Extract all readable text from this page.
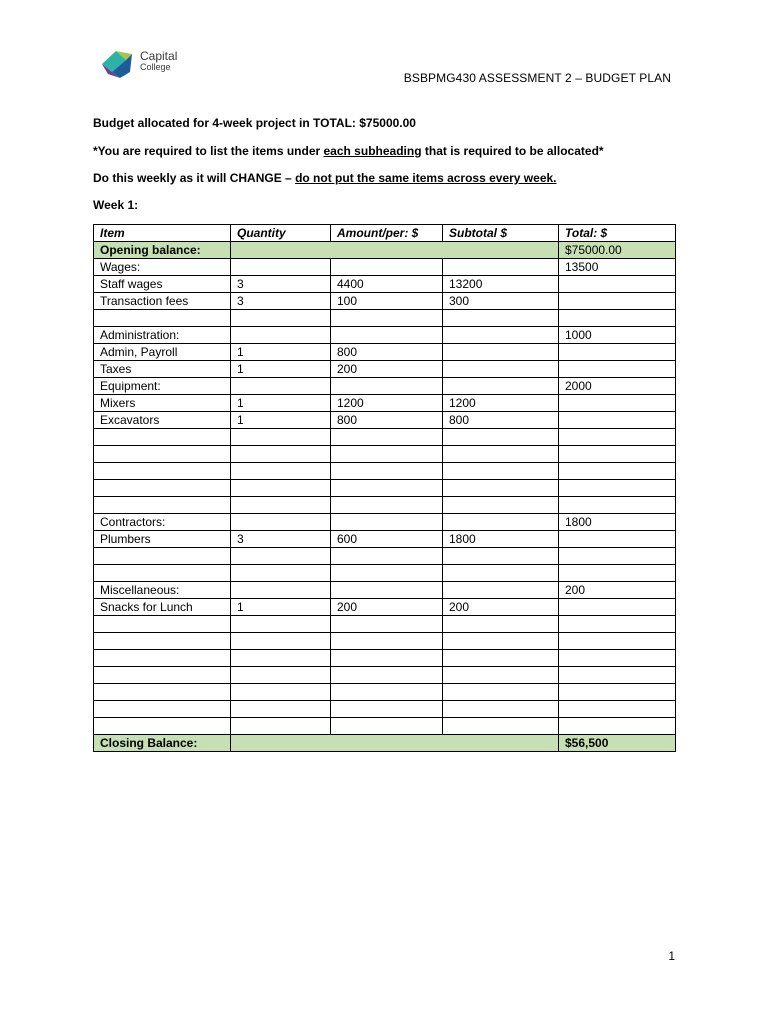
Capital
College
BSBPMG430 ASSESSMENT 2 – BUDGET PLAN
Budget allocated for 4-week project in TOTAL: $75000.00
*You are required to list the items under each subheading that is required to be allocated*
Do this weekly as it will CHANGE – do not put the same items across every week.
Week 1:
Item	Quantity	Amount/per: $	Subtotal $	Total: $
Opening balance:				$75000.00
Wages:				13500
Staff wages	3	4400	13200	
Transaction fees	3	100	300	

Administration:				1000
Admin, Payroll	1	800		
Taxes	1	200		
Equipment:				2000
Mixers	1	1200	1200	
Excavators	1	800	800	

Contractors:				1800
Plumbers	3	600	1800	

Miscellaneous:				200
Snacks for Lunch	1	200	200	

Closing Balance:				$56,500
1
